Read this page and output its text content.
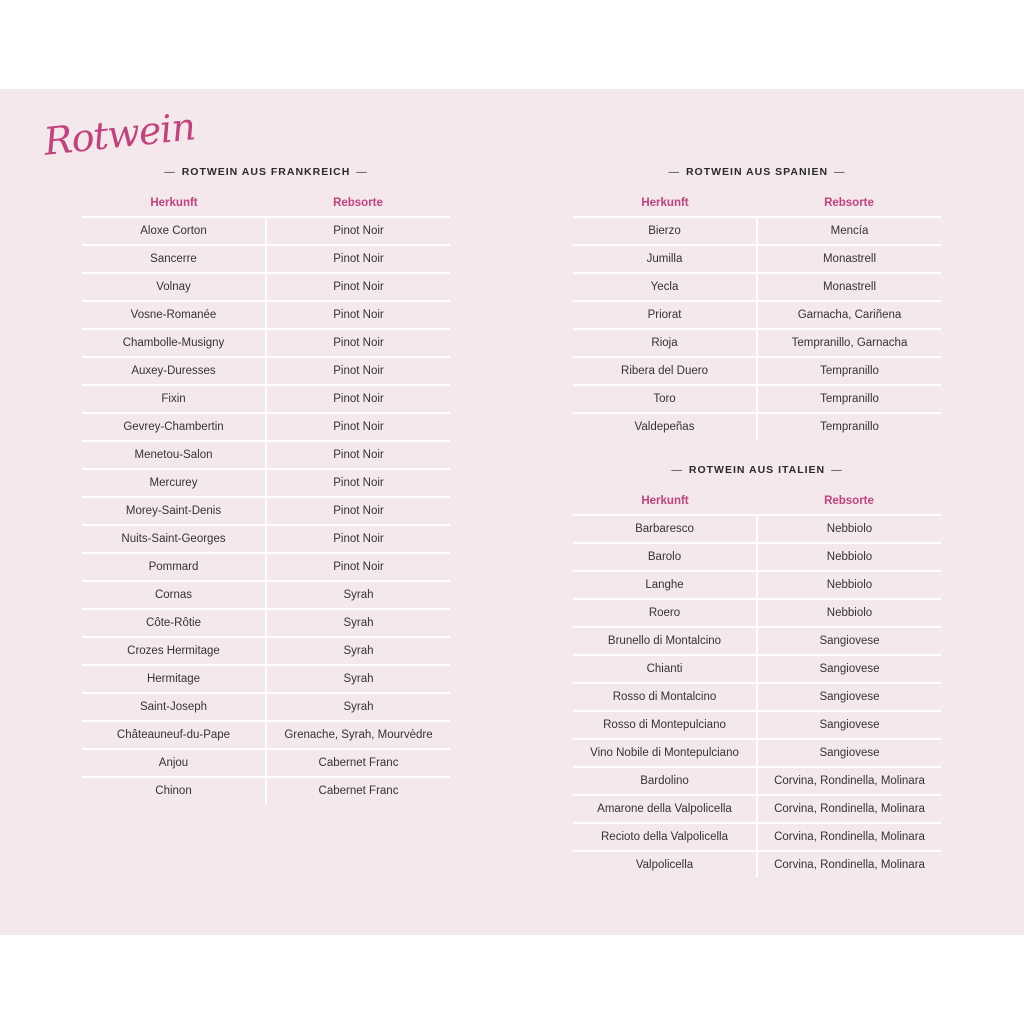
Rotwein
— ROTWEIN AUS FRANKREICH —
Herkunft	Rebsorte
Aloxe Corton	Pinot Noir
Sancerre	Pinot Noir
Volnay	Pinot Noir
Vosne-Romanée	Pinot Noir
Chambolle-Musigny	Pinot Noir
Auxey-Duresses	Pinot Noir
Fixin	Pinot Noir
Gevrey-Chambertin	Pinot Noir
Menetou-Salon	Pinot Noir
Mercurey	Pinot Noir
Morey-Saint-Denis	Pinot Noir
Nuits-Saint-Georges	Pinot Noir
Pommard	Pinot Noir
Cornas	Syrah
Côte-Rôtie	Syrah
Crozes Hermitage	Syrah
Hermitage	Syrah
Saint-Joseph	Syrah
Châteauneuf-du-Pape	Grenache, Syrah, Mourvèdre
Anjou	Cabernet Franc
Chinon	Cabernet Franc
— ROTWEIN AUS SPANIEN —
Herkunft	Rebsorte
Bierzo	Mencía
Jumilla	Monastrell
Yecla	Monastrell
Priorat	Garnacha, Cariñena
Rioja	Tempranillo, Garnacha
Ribera del Duero	Tempranillo
Toro	Tempranillo
Valdepeñas	Tempranillo
— ROTWEIN AUS ITALIEN —
Herkunft	Rebsorte
Barbaresco	Nebbiolo
Barolo	Nebbiolo
Langhe	Nebbiolo
Roero	Nebbiolo
Brunello di Montalcino	Sangiovese
Chianti	Sangiovese
Rosso di Montalcino	Sangiovese
Rosso di Montepulciano	Sangiovese
Vino Nobile di Montepulciano	Sangiovese
Bardolino	Corvina, Rondinella, Molinara
Amarone della Valpolicella	Corvina, Rondinella, Molinara
Recioto della Valpolicella	Corvina, Rondinella, Molinara
Valpolicella	Corvina, Rondinella, Molinara
